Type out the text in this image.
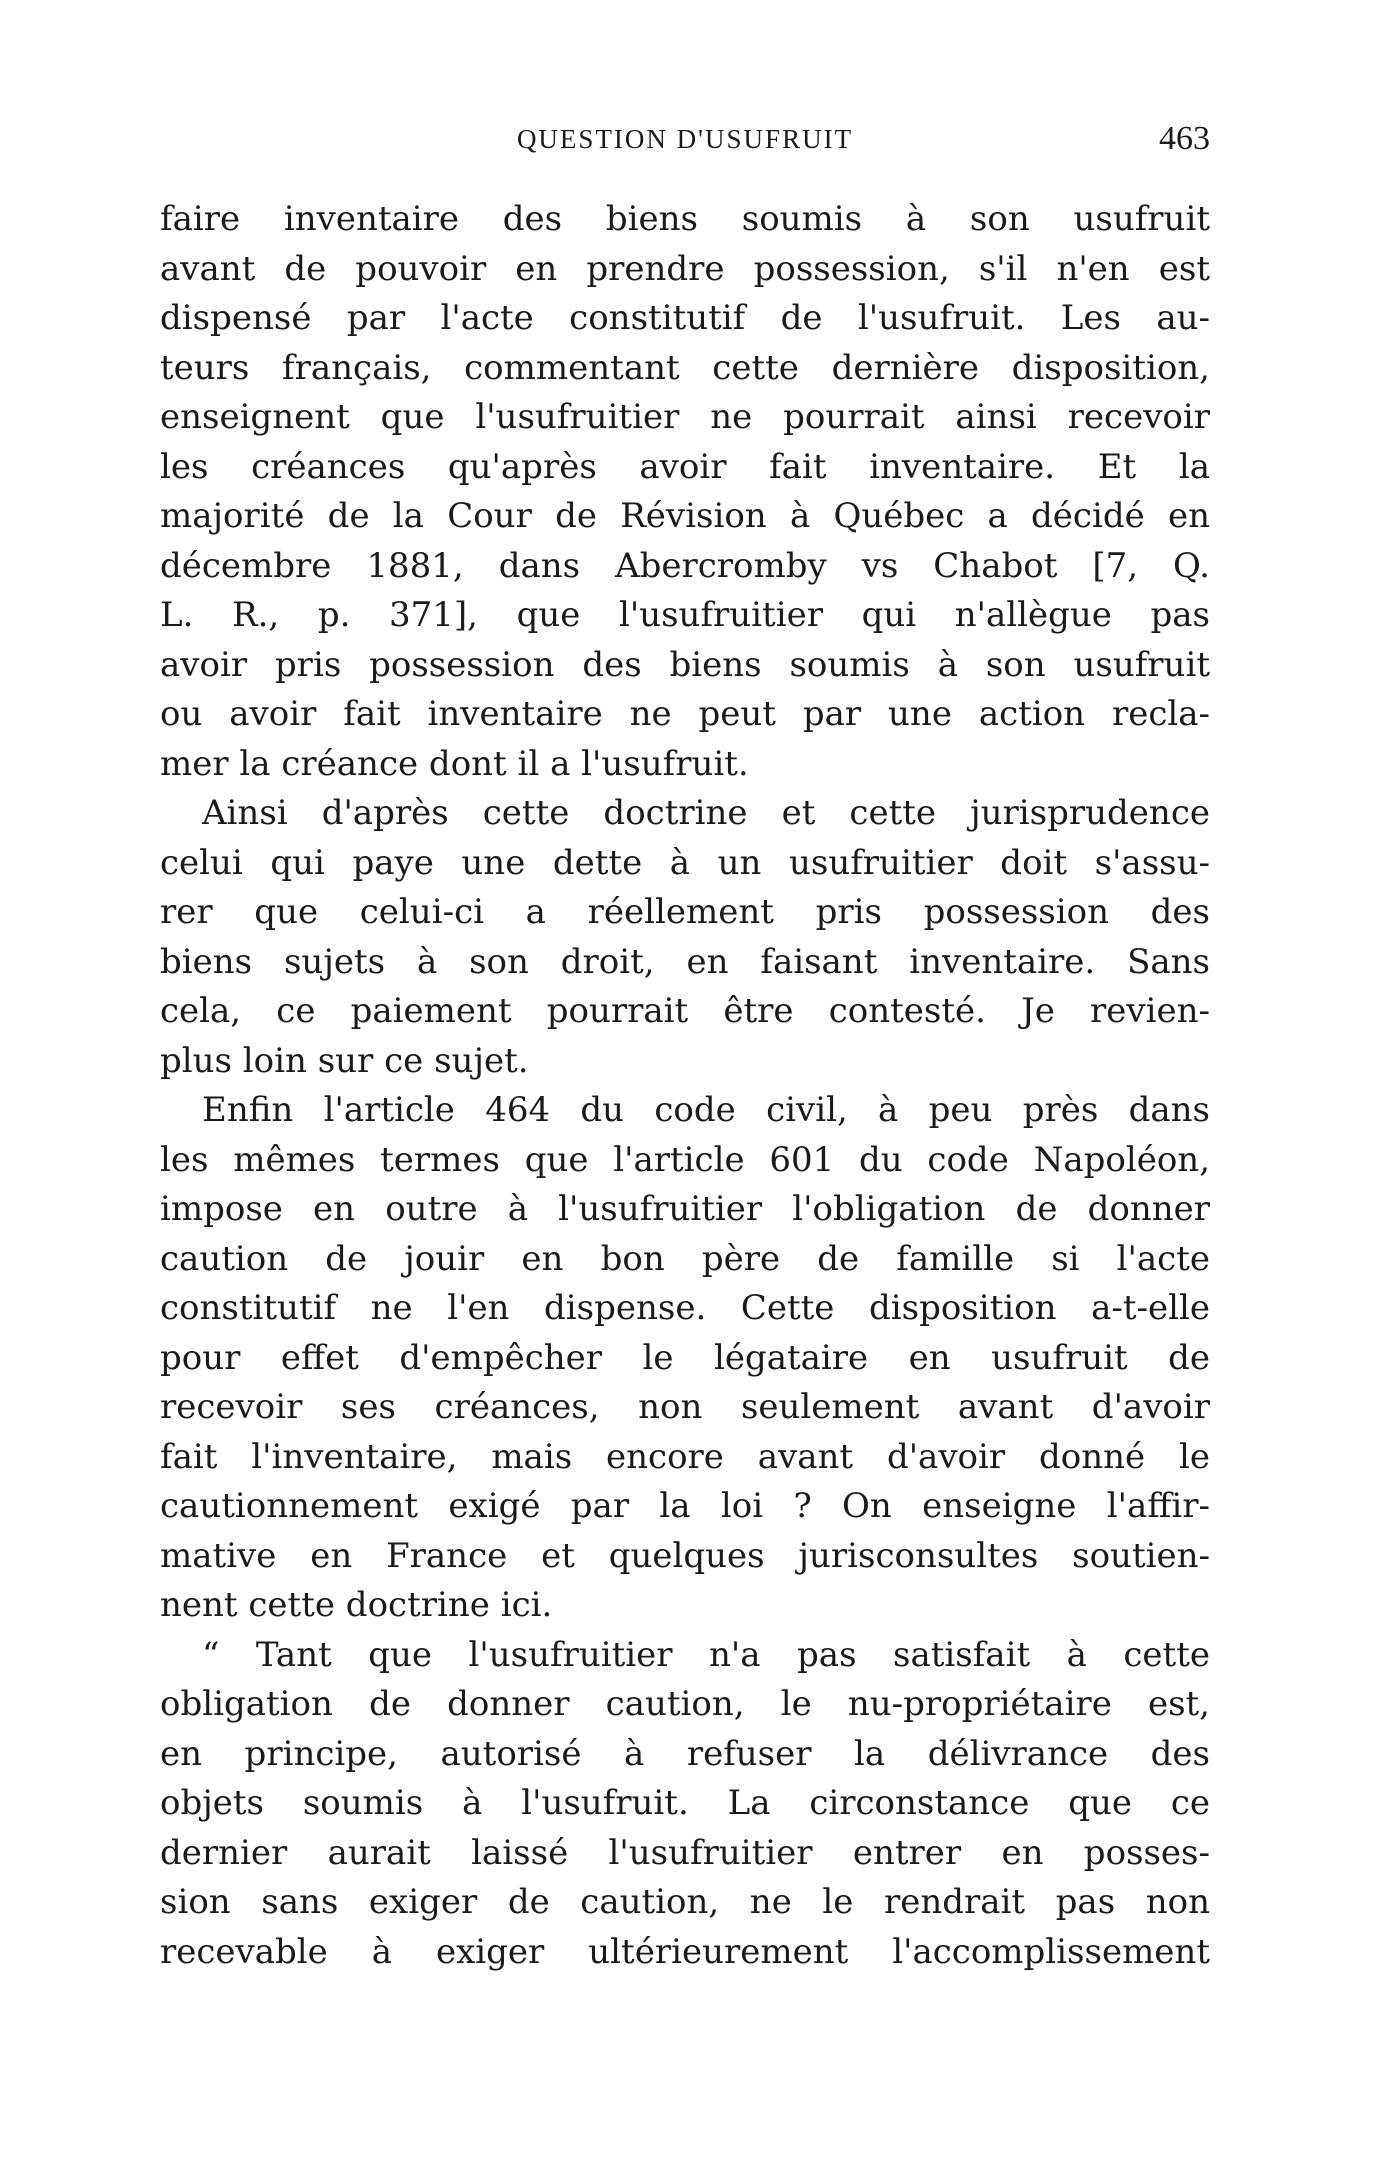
QUESTION D'USUFRUIT	463
faire inventaire des biens soumis à son usufruit
avant de pouvoir en prendre possession, s'il n'en est
dispensé par l'acte constitutif de l'usufruit. Les au-
teurs français, commentant cette dernière disposition,
enseignent que l'usufruitier ne pourrait ainsi recevoir
les créances qu'après avoir fait inventaire. Et la
majorité de la Cour de Révision à Québec a décidé en
décembre 1881, dans Abercromby vs Chabot [7, Q.
L. R., p. 371], que l'usufruitier qui n'allègue pas
avoir pris possession des biens soumis à son usufruit
ou avoir fait inventaire ne peut par une action recla-
mer la créance dont il a l'usufruit.
Ainsi d'après cette doctrine et cette jurisprudence
celui qui paye une dette à un usufruitier doit s'assu-
rer que celui-ci a réellement pris possession des
biens sujets à son droit, en faisant inventaire. Sans
cela, ce paiement pourrait être contesté. Je revien-
plus loin sur ce sujet.
Enfin l'article 464 du code civil, à peu près dans
les mêmes termes que l'article 601 du code Napoléon,
impose en outre à l'usufruitier l'obligation de donner
caution de jouir en bon père de famille si l'acte
constitutif ne l'en dispense. Cette disposition a-t-elle
pour effet d'empêcher le légataire en usufruit de
recevoir ses créances, non seulement avant d'avoir
fait l'inventaire, mais encore avant d'avoir donné le
cautionnement exigé par la loi ? On enseigne l'affir-
mative en France et quelques jurisconsultes soutien-
nent cette doctrine ici.
“ Tant que l'usufruitier n'a pas satisfait à cette
obligation de donner caution, le nu-propriétaire est,
en principe, autorisé à refuser la délivrance des
objets soumis à l'usufruit. La circonstance que ce
dernier aurait laissé l'usufruitier entrer en posses-
sion sans exiger de caution, ne le rendrait pas non
recevable à exiger ultérieurement l'accomplissement
